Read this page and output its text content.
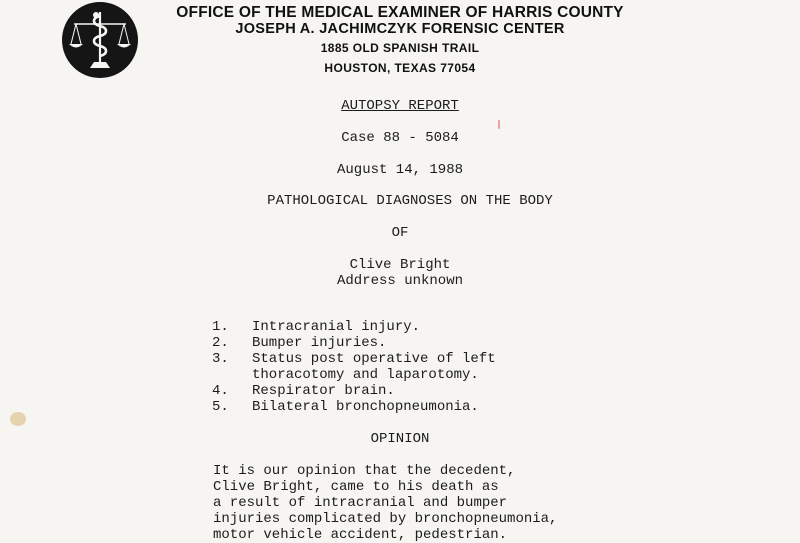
OFFICE OF THE MEDICAL EXAMINER OF HARRIS COUNTY
JOSEPH A. JACHIMCZYK FORENSIC CENTER
1885 OLD SPANISH TRAIL
HOUSTON, TEXAS 77054
AUTOPSY REPORT
Case 88 - 5084
August 14, 1988
PATHOLOGICAL DIAGNOSES ON THE BODY
OF
Clive Bright
Address unknown
1.	Intracranial injury.
2.	Bumper injuries.
3.	Status post operative of left
thoracotomy and laparotomy.
4.	Respirator brain.
5.	Bilateral bronchopneumonia.
OPINION
It is our opinion that the decedent,
Clive Bright, came to his death as
a result of intracranial and bumper
injuries complicated by bronchopneumonia,
motor vehicle accident, pedestrian.
